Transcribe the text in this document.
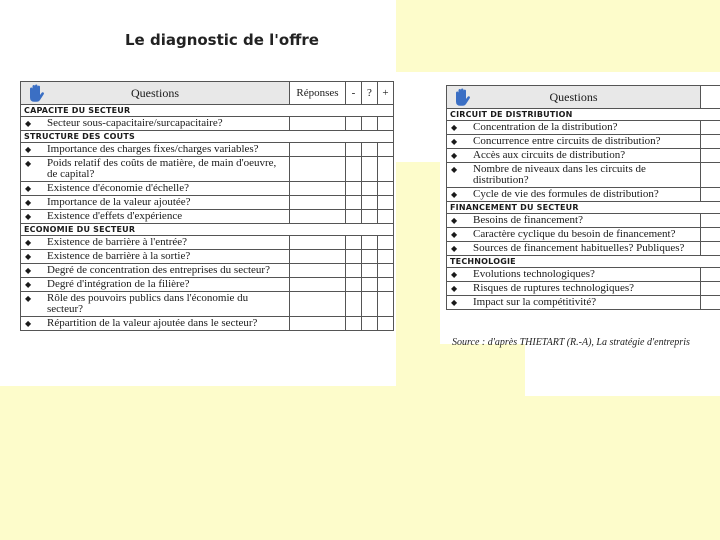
Le diagnostic de l'offre
Questions	Réponses	-	?	+
CAPACITE DU SECTEUR				
◆ Secteur sous-capacitaire/surcapacitaire?				
STRUCTURE DES COUTS				
◆ Importance des charges fixes/charges variables?				
◆ Poids relatif des coûts de matière, de main d'oeuvre, de capital?				
◆ Existence d'économie d'échelle?				
◆ Importance de la valeur ajoutée?				
◆ Existence d'effets d'expérience				
ECONOMIE DU SECTEUR				
◆ Existence de barrière à l'entrée?				
◆ Existence de barrière à la sortie?				
◆ Degré de concentration des entreprises du secteur?				
◆ Degré d'intégration de la filière?				
◆ Rôle des pouvoirs publics dans l'économie du secteur?				
◆ Répartition de la valeur ajoutée dans le secteur?				
Questions	
CIRCUIT DE DISTRIBUTION	
◆ Concentration de la distribution?	
◆ Concurrence entre circuits de distribution?	
◆ Accès aux circuits de distribution?	
◆ Nombre de niveaux dans les circuits de distribution?	
◆ Cycle de vie des formules de distribution?	
FINANCEMENT DU SECTEUR	
◆ Besoins de financement?	
◆ Caractère cyclique du besoin de financement?	
◆ Sources de financement habituelles? Publiques?	
TECHNOLOGIE	
◆ Evolutions technologiques?	
◆ Risques de ruptures technologiques?	
◆ Impact sur la compétitivité?	
Source : d'après THIETART (R.-A), La stratégie d'entrepris
